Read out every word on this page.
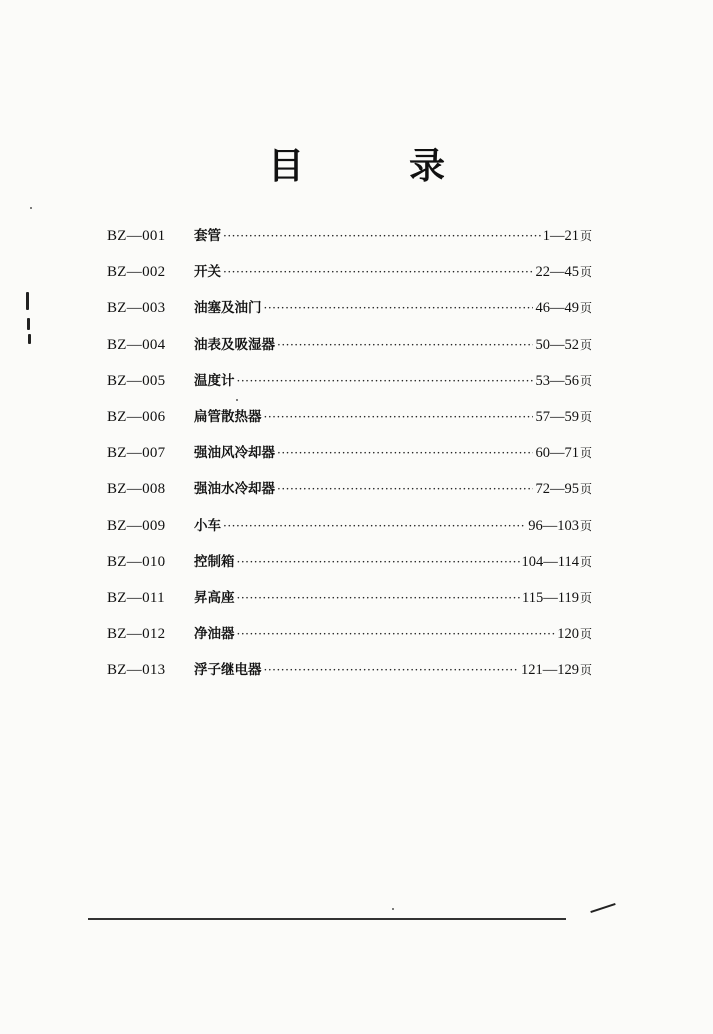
目	录
BZ—001	套管 ·····	1—21页
BZ—002	开关 ·····	22—45页
BZ—003	油塞及油门 ·····	46—49页
BZ—004	油表及吸湿器 ·····	50—52页
BZ—005	温度计 ·····	53—56页
BZ—006	扁管散热器 ·····	57—59页
BZ—007	强油风冷却器 ·····	60—71页
BZ—008	强油水冷却器 ·····	72—95页
BZ—009	小车 ·····	96—103页
BZ—010	控制箱 ·····	104—114页
BZ—011	昇高座 ·····	115—119页
BZ—012	净油器 ·····	120页
BZ—013	浮子继电器 ·····	121—129页
